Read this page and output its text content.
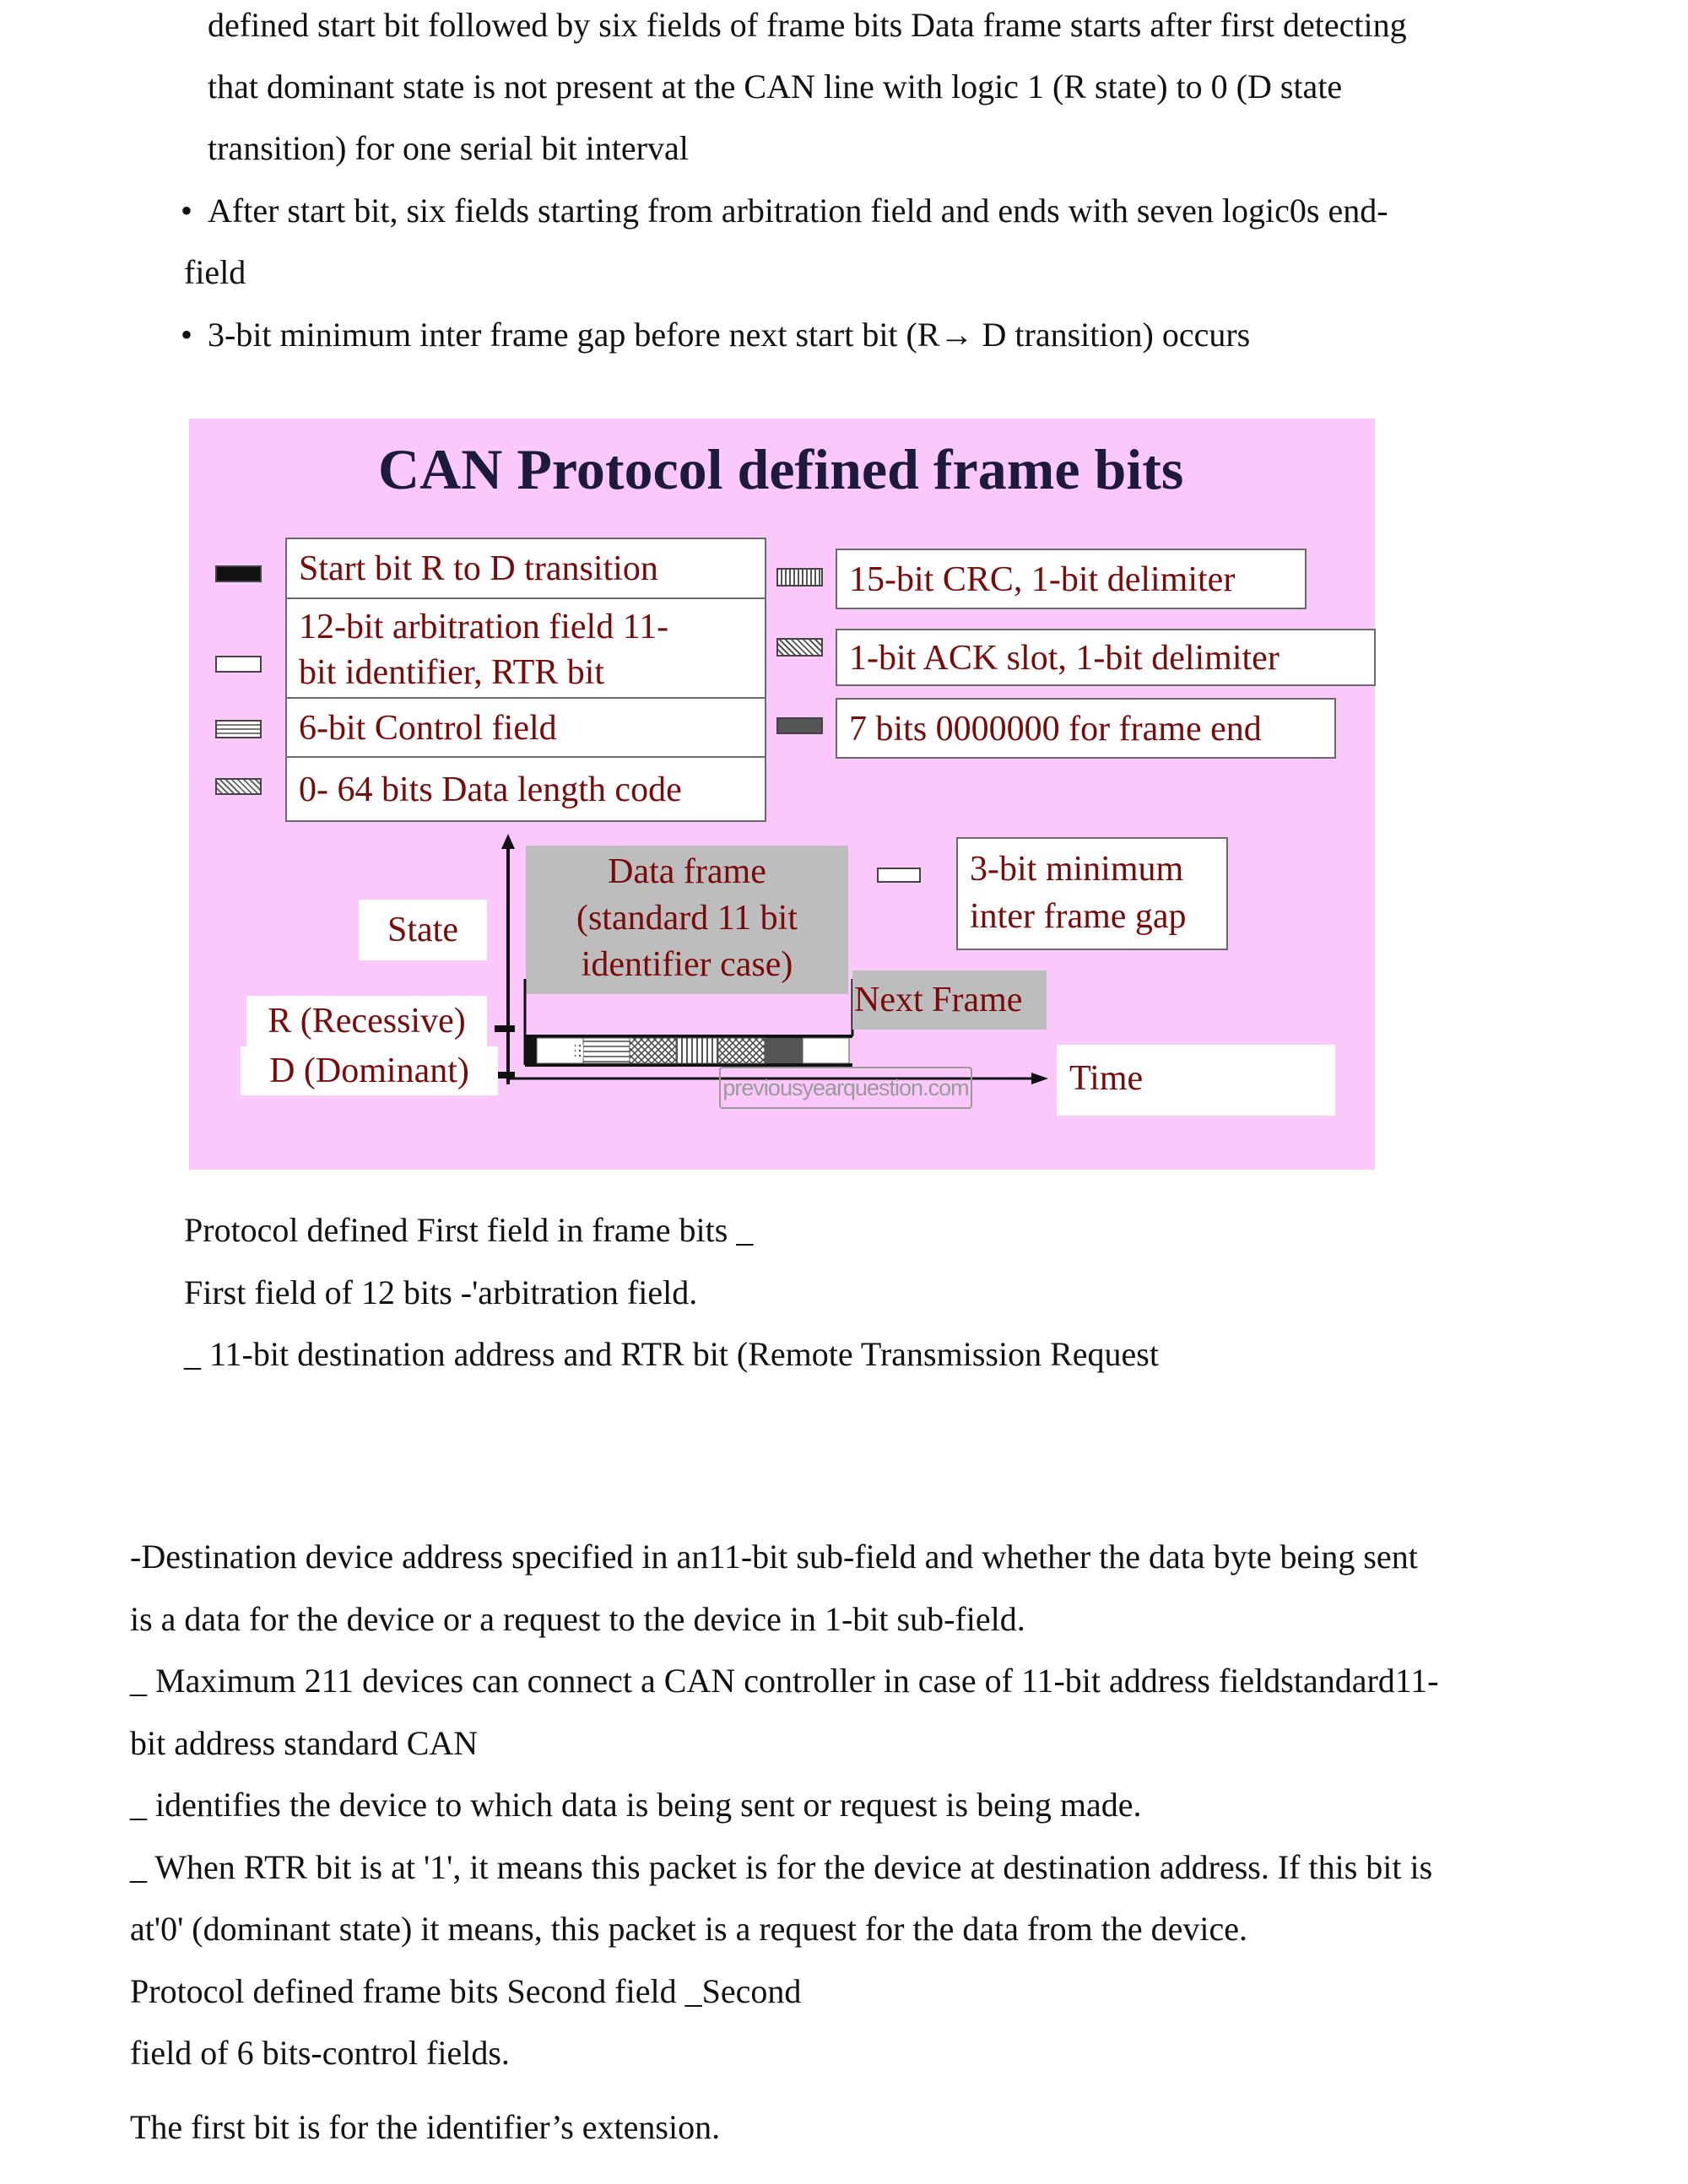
defined start bit followed by six fields of frame bits Data frame starts after first detecting
that dominant state is not present at the CAN line with logic 1 (R state) to 0 (D state
transition) for one serial bit interval
• After start bit, six fields starting from arbitration field and ends with seven logic0s end-
field
• 3-bit minimum inter frame gap before next start bit (R→ D transition) occurs
CAN Protocol defined frame bits
Start bit R to D transition
12-bit arbitration field 11-
bit identifier, RTR bit
6-bit Control field
0- 64 bits Data length code
15-bit CRC, 1-bit delimiter
1-bit ACK slot, 1-bit delimiter
7 bits 0000000 for frame end
Data frame
(standard 11 bit
identifier case)
3-bit minimum
inter frame gap
State
R (Recessive)
D (Dominant)
Next Frame
Time
previousyearquestion.com
Protocol defined First field in frame bits _
First field of 12 bits -'arbitration field.
_ 11-bit destination address and RTR bit (Remote Transmission Request
-Destination device address specified in an11-bit sub-field and whether the data byte being sent
is a data for the device or a request to the device in 1-bit sub-field.
_ Maximum 211 devices can connect a CAN controller in case of 11-bit address fieldstandard11-
bit address standard CAN
_ identifies the device to which data is being sent or request is being made.
_ When RTR bit is at '1', it means this packet is for the device at destination address. If this bit is
at'0' (dominant state) it means, this packet is a request for the data from the device.
Protocol defined frame bits Second field _Second
field of 6 bits-control fields.
The first bit is for the identifier’s extension.
